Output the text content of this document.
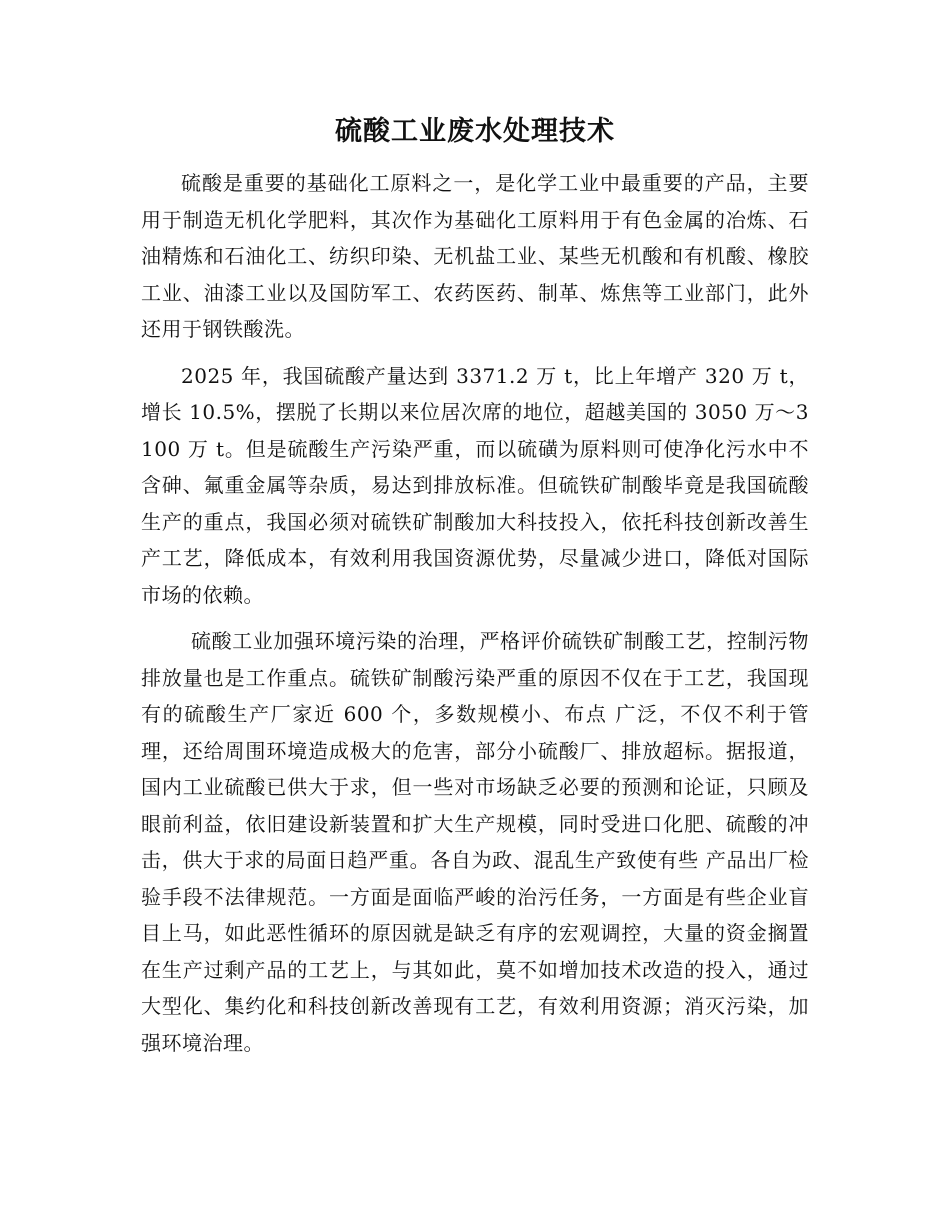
硫酸工业废水处理技术

硫酸是重要的基础化工原料之一，是化学工业中最重要的产品，主要用于制造无机化学肥料，其次作为基础化工原料用于有色金属的冶炼、石油精炼和石油化工、纺织印染、无机盐工业、某些无机酸和有机酸、橡胶工业、油漆工业以及国防军工、农药医药、制革、炼焦等工业部门，此外还用于钢铁酸洗。

2025 年，我国硫酸产量达到 3371.2 万 t，比上年增产 320 万 t，增长 10.5%，摆脱了长期以来位居次席的地位，超越美国的 3050 万～3100 万 t。但是硫酸生产污染严重，而以硫磺为原料则可使净化污水中不含砷、氟重金属等杂质，易达到排放标准。但硫铁矿制酸毕竟是我国硫酸生产的重点，我国必须对硫铁矿制酸加大科技投入，依托科技创新改善生产工艺，降低成本，有效利用我国资源优势，尽量减少进口，降低对国际市场的依赖。

硫酸工业加强环境污染的治理，严格评价硫铁矿制酸工艺，控制污物排放量也是工作重点。硫铁矿制酸污染严重的原因不仅在于工艺，我国现有的硫酸生产厂家近 600 个，多数规模小、布点 广泛，不仅不利于管理，还给周围环境造成极大的危害，部分小硫酸厂、排放超标。据报道，国内工业硫酸已供大于求，但一些对市场缺乏必要的预测和论证，只顾及眼前利益，依旧建设新装置和扩大生产规模，同时受进口化肥、硫酸的冲击，供大于求的局面日趋严重。各自为政、混乱生产致使有些 产品出厂检验手段不法律规范。一方面是面临严峻的治污任务，一方面是有些企业盲目上马，如此恶性循环的原因就是缺乏有序的宏观调控，大量的资金搁置在生产过剩产品的工艺上，与其如此，莫不如增加技术改造的投入，通过大型化、集约化和科技创新改善现有工艺，有效利用资源；消灭污染，加强环境治理。
